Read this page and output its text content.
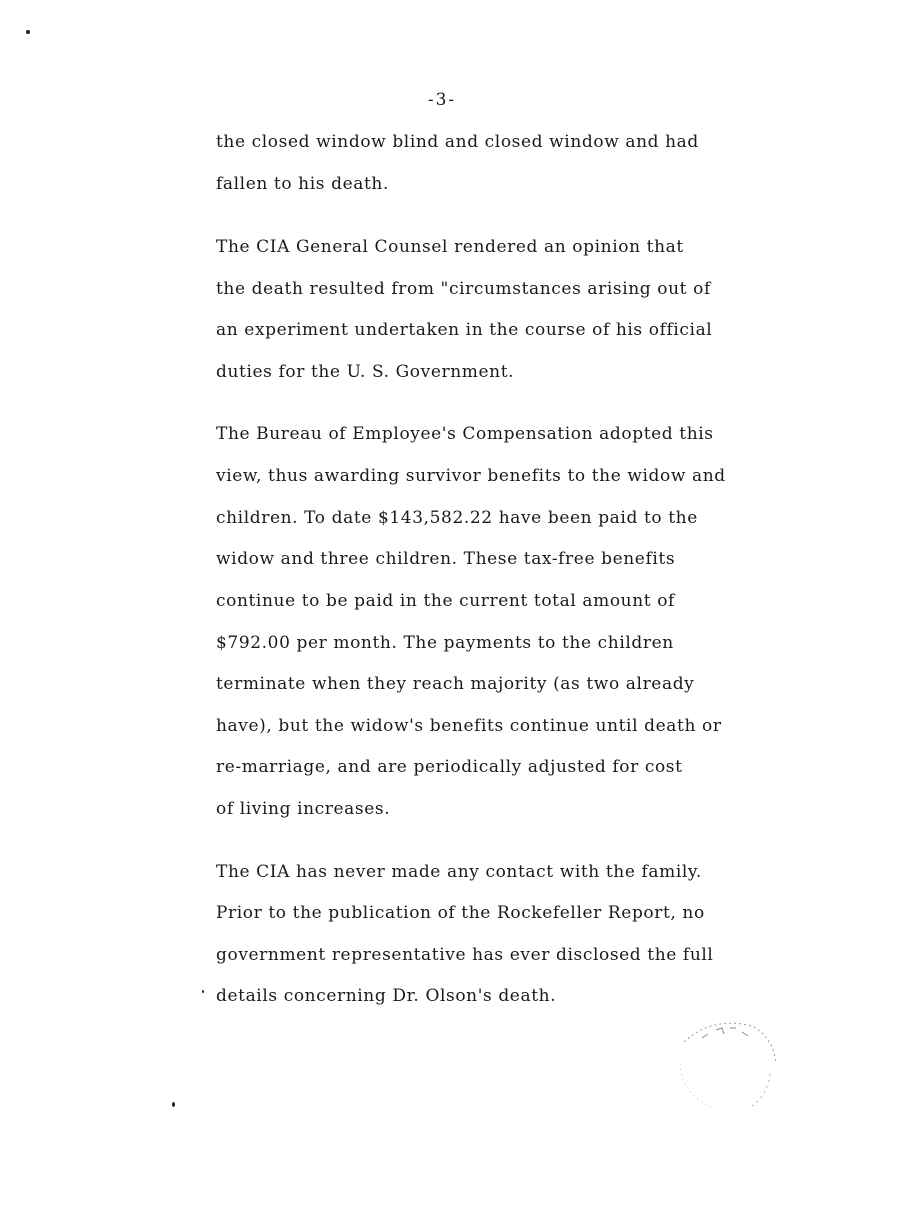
-3-
the closed window blind and closed window and had
fallen to his death.
The CIA General Counsel rendered an opinion that
the death resulted from "circumstances arising out of
an experiment undertaken in the course of his official
duties for the U. S. Government.
The Bureau of Employee's Compensation adopted this
view, thus awarding survivor benefits to the widow and
children. To date $143,582.22 have been paid to the
widow and three children. These tax-free benefits
continue to be paid in the current total amount of
$792.00 per month. The payments to the children
terminate when they reach majority (as two already
have), but the widow's benefits continue until death or
re-marriage, and are periodically adjusted for cost
of living increases.
The CIA has never made any contact with the family.
Prior to the publication of the Rockefeller Report, no
government representative has ever disclosed the full
details concerning Dr. Olson's death.
